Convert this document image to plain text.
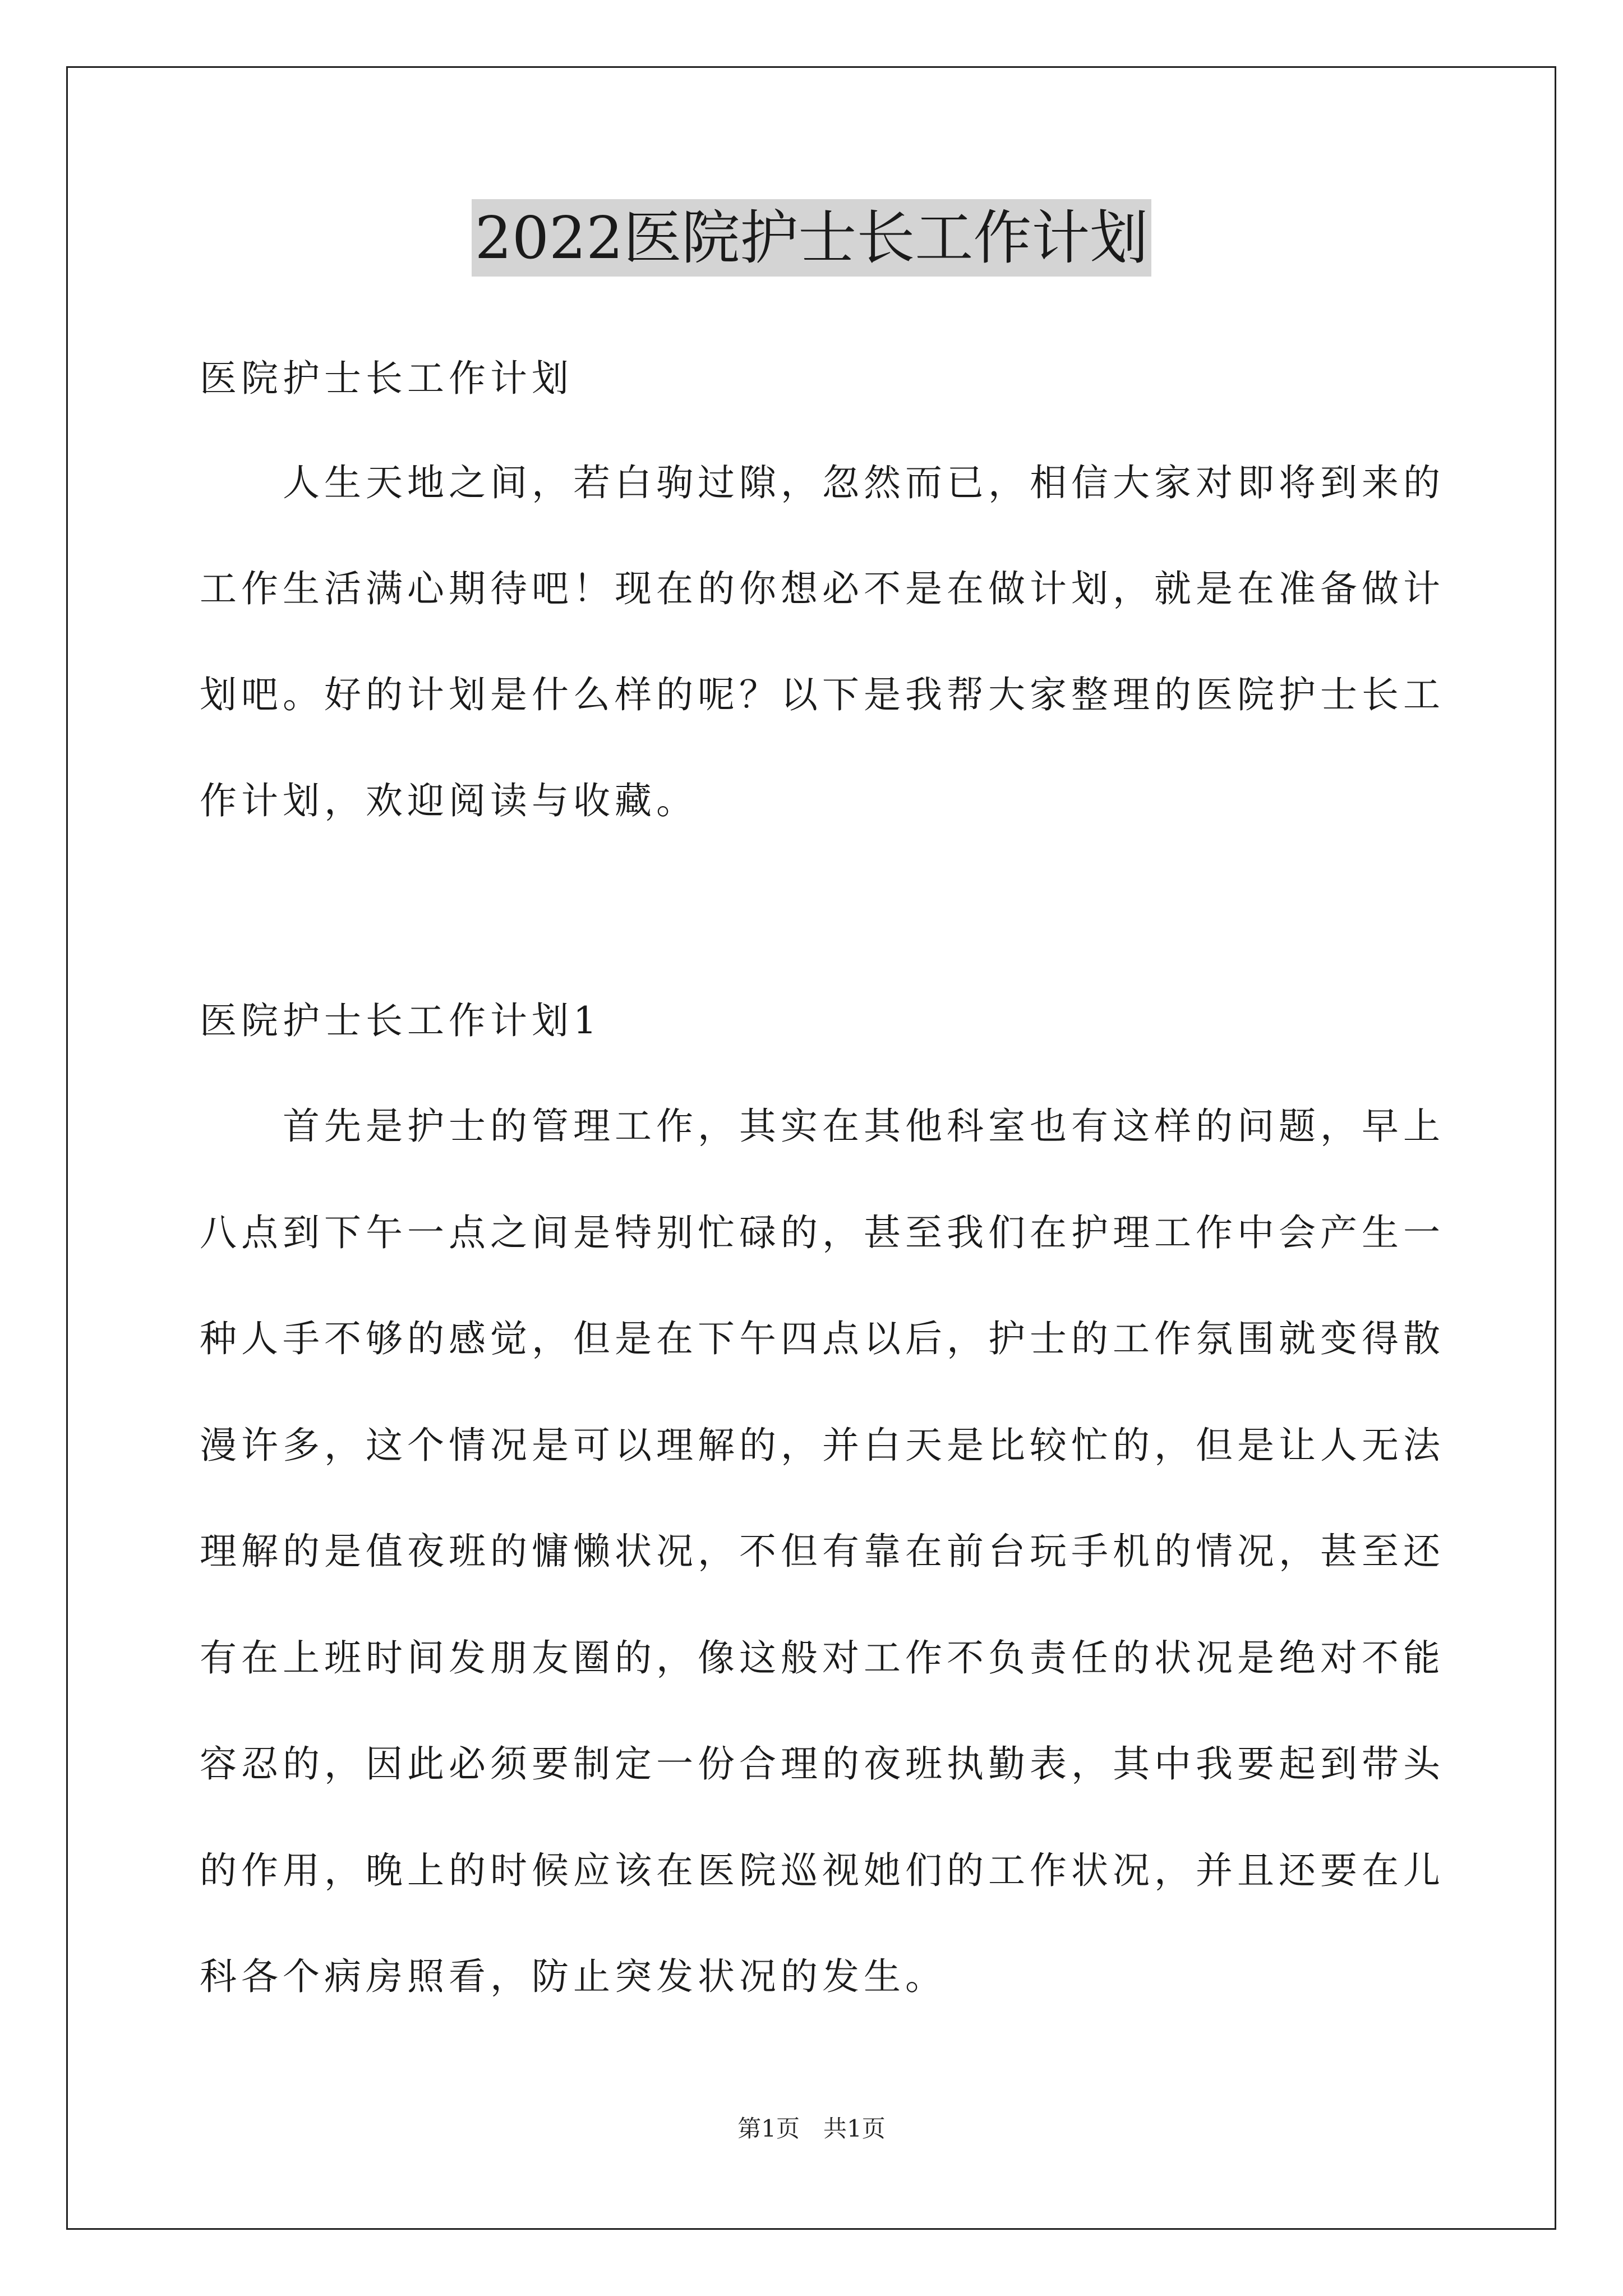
2022医院护士长工作计划

医院护士长工作计划

人生天地之间，若白驹过隙，忽然而已，相信大家对即将到来的
工作生活满心期待吧！现在的你想必不是在做计划，就是在准备做计
划吧。好的计划是什么样的呢？以下是我帮大家整理的医院护士长工
作计划，欢迎阅读与收藏。

医院护士长工作计划1

首先是护士的管理工作，其实在其他科室也有这样的问题，早上
八点到下午一点之间是特别忙碌的，甚至我们在护理工作中会产生一
种人手不够的感觉，但是在下午四点以后，护士的工作氛围就变得散
漫许多，这个情况是可以理解的，并白天是比较忙的，但是让人无法
理解的是值夜班的慵懒状况，不但有靠在前台玩手机的情况，甚至还
有在上班时间发朋友圈的，像这般对工作不负责任的状况是绝对不能
容忍的，因此必须要制定一份合理的夜班执勤表，其中我要起到带头
的作用，晚上的时候应该在医院巡视她们的工作状况，并且还要在儿
科各个病房照看，防止突发状况的发生。
第1页　共1页
